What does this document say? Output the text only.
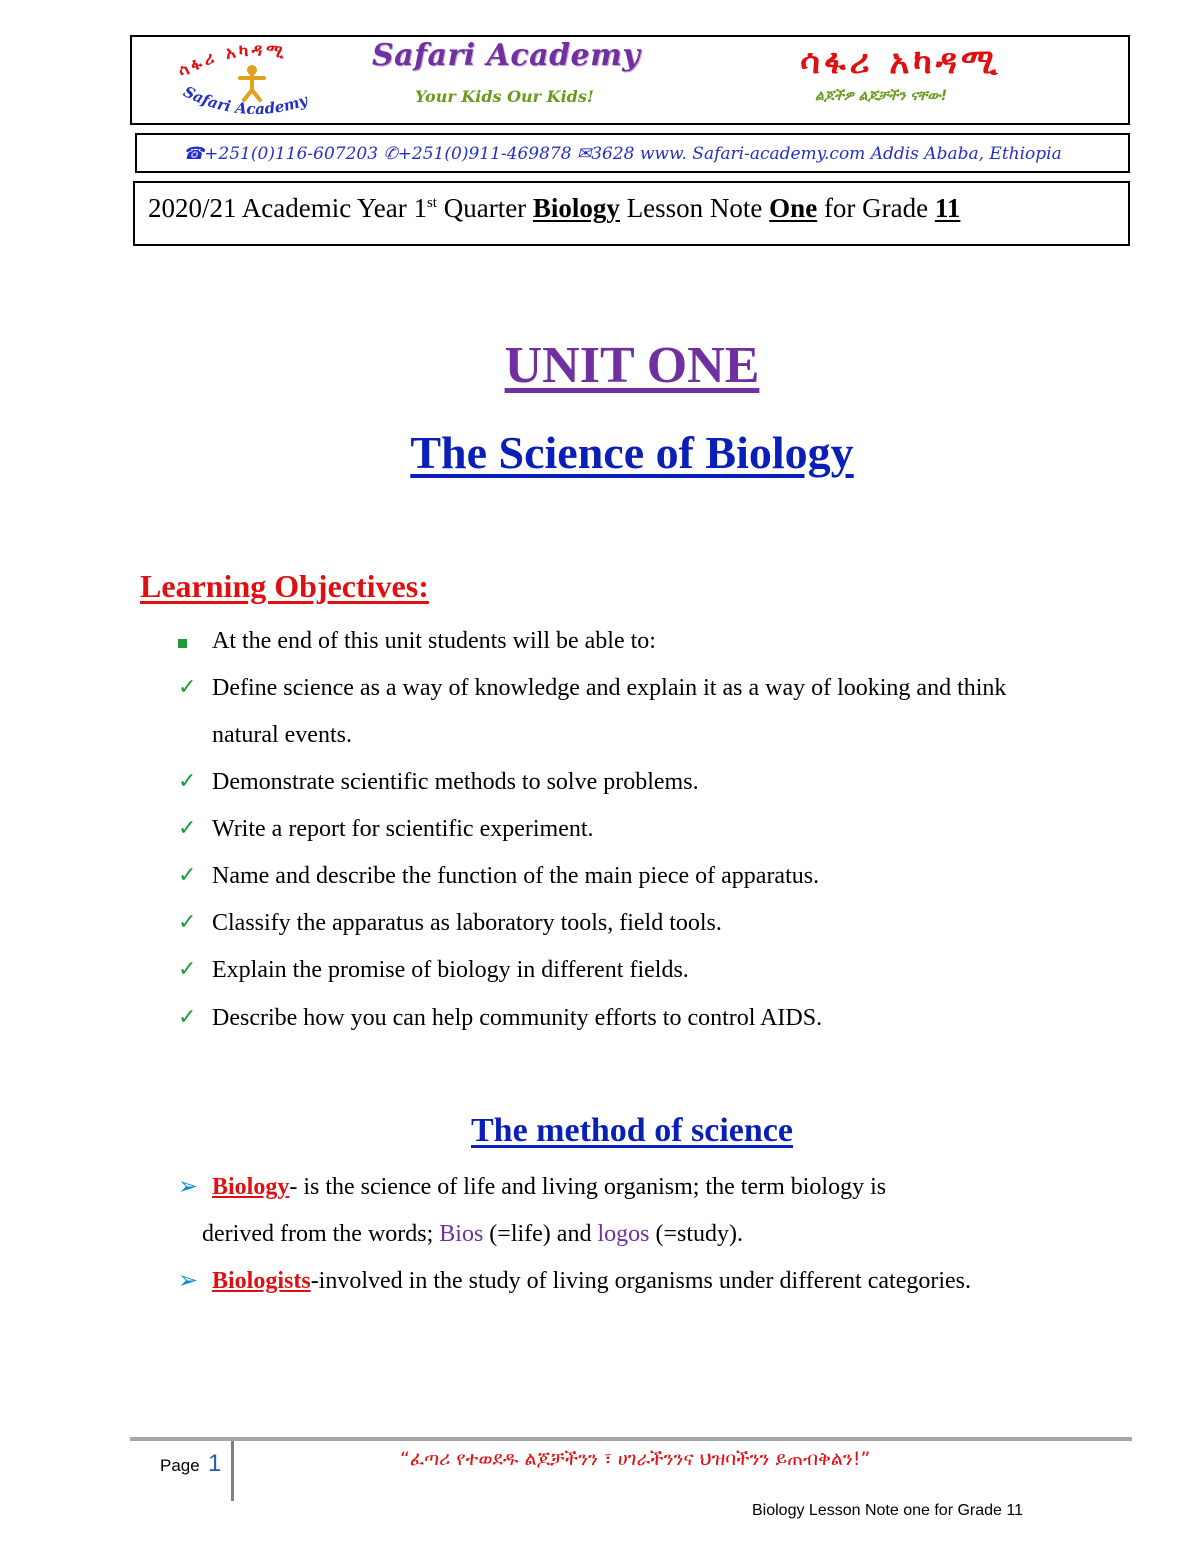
ሳፋሪ አካዳሚ
Safari Academy
Safari Academy
Your Kids Our Kids!
ሳፋሪ አካዳሚ
ልጆችዎ ልጆቻችን ናቸው!
☎+251(0)116-607203 ✆+251(0)911-469878 ✉3628 www. Safari-academy.com Addis Ababa, Ethiopia
2020/21 Academic Year 1st Quarter Biology Lesson Note One for Grade 11
UNIT ONE
The Science of Biology
Learning Objectives:
At the end of this unit students will be able to:
✓ Define science as a way of knowledge and explain it as a way of looking and think
natural events.
✓ Demonstrate scientific methods to solve problems.
✓ Write a report for scientific experiment.
✓ Name and describe the function of the main piece of apparatus.
✓ Classify the apparatus as laboratory tools, field tools.
✓ Explain the promise of biology in different fields.
✓ Describe how you can help community efforts to control AIDS.
The method of science
➢ Biology- is the science of life and living organism; the term biology is
derived from the words; Bios (=life) and logos (=study).
➢ Biologists-involved in the study of living organisms under different categories.
Page 1	“ፈጣሪ የተወደዱ ልጆቻችንን ፣ ሀገራችንንና ህዝባችንን ይጠብቅልን!”
Biology Lesson Note one for Grade 11
